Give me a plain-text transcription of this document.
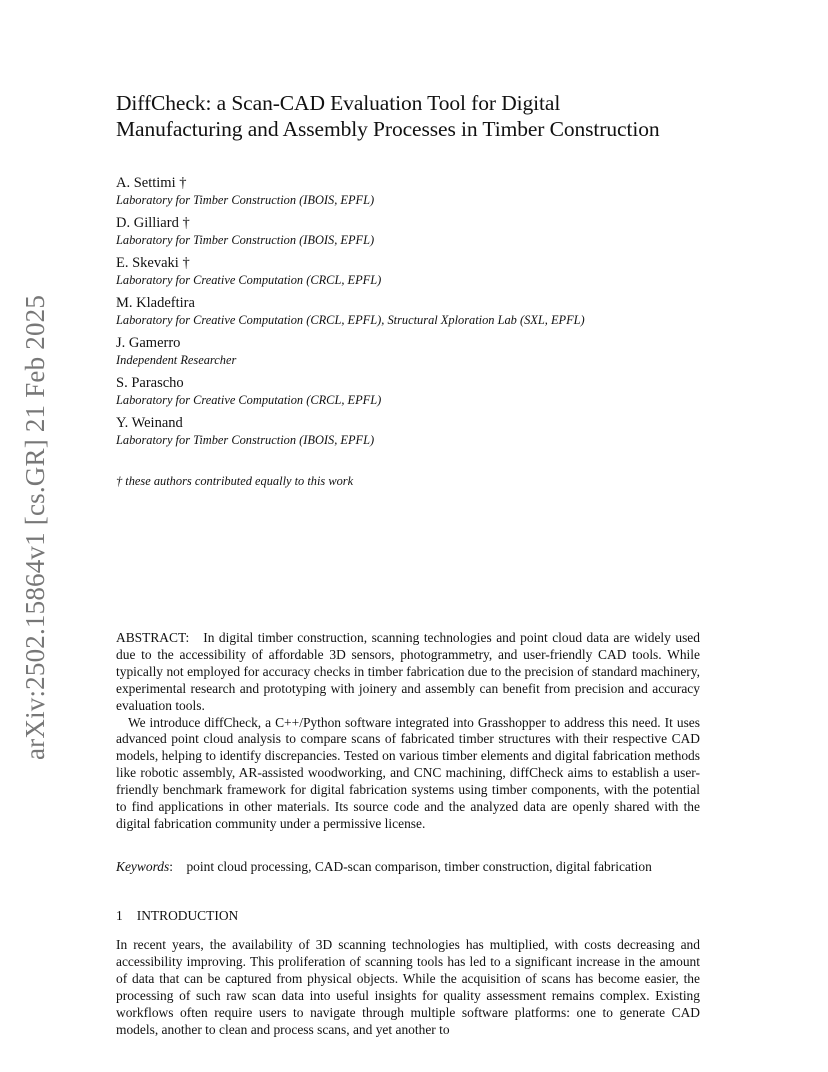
arXiv:2502.15864v1 [cs.GR] 21 Feb 2025
DiffCheck: a Scan-CAD Evaluation Tool for Digital
Manufacturing and Assembly Processes in Timber Construction
A. Settimi †
Laboratory for Timber Construction (IBOIS, EPFL)
D. Gilliard †
Laboratory for Timber Construction (IBOIS, EPFL)
E. Skevaki †
Laboratory for Creative Computation (CRCL, EPFL)
M. Kladeftira
Laboratory for Creative Computation (CRCL, EPFL), Structural Xploration Lab (SXL, EPFL)
J. Gamerro
Independent Researcher
S. Parascho
Laboratory for Creative Computation (CRCL, EPFL)
Y. Weinand
Laboratory for Timber Construction (IBOIS, EPFL)
† these authors contributed equally to this work

ABSTRACT: In digital timber construction, scanning technologies and point cloud data are widely used due to the accessibility of affordable 3D sensors, photogrammetry, and user-friendly CAD tools. While typically not employed for accuracy checks in timber fabrication due to the precision of standard machinery, experimental research and prototyping with joinery and assembly can benefit from precision and accuracy evaluation tools.

We introduce diffCheck, a C++/Python software integrated into Grasshopper to address this need. It uses advanced point cloud analysis to compare scans of fabricated timber structures with their respective CAD models, helping to identify discrepancies. Tested on various timber elements and digital fabrication methods like robotic assembly, AR-assisted woodworking, and CNC machining, diffCheck aims to establish a user-friendly benchmark framework for digital fabrication systems using timber components, with the potential to find applications in other materials. Its source code and the analyzed data are openly shared with the digital fabrication community under a permissive license.

Keywords:    point cloud processing, CAD-scan comparison, timber construction, digital fabrication
1 INTRODUCTION

In recent years, the availability of 3D scanning technologies has multiplied, with costs decreasing and accessibility improving. This proliferation of scanning tools has led to a significant increase in the amount of data that can be captured from physical objects. While the acquisition of scans has become easier, the processing of such raw scan data into useful insights for quality assessment remains complex. Existing workflows often require users to navigate through multiple software platforms: one to generate CAD models, another to clean and process scans, and yet another to
